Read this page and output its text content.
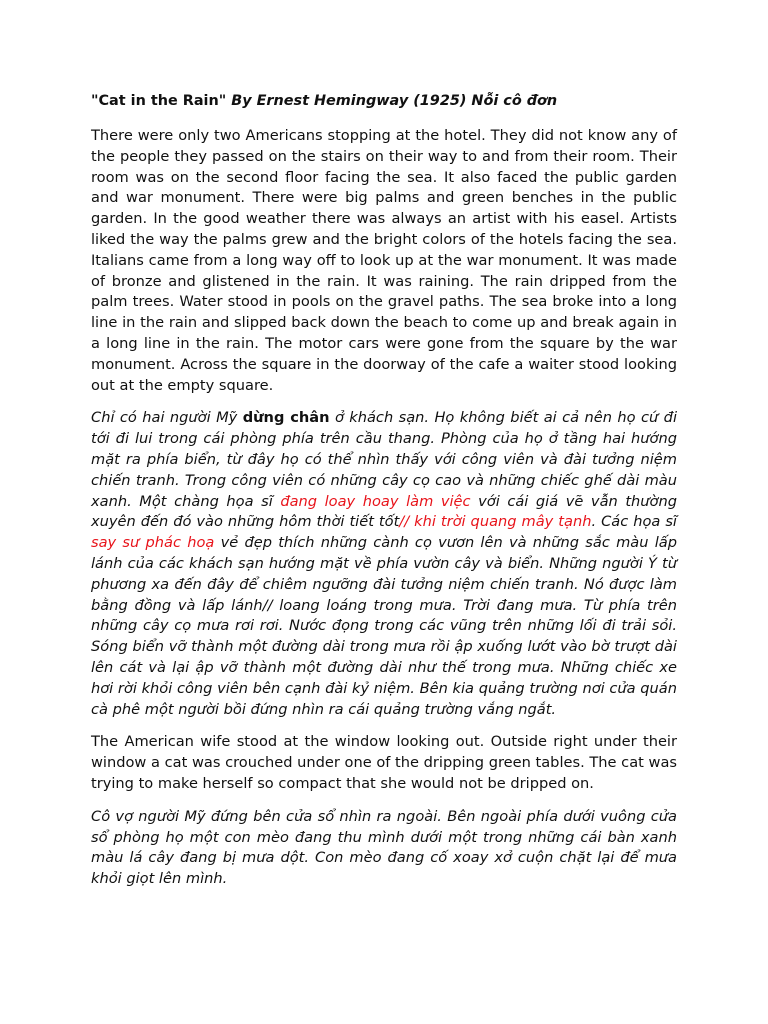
"Cat in the Rain" By Ernest Hemingway (1925) Nỗi cô đơn

There were only two Americans stopping at the hotel. They did not know any of the people they passed on the stairs on their way to and from their room. Their room was on the second floor facing the sea. It also faced the public garden and war monument. There were big palms and green benches in the public garden. In the good weather there was always an artist with his easel. Artists liked the way the palms grew and the bright colors of the hotels facing the sea. Italians came from a long way off to look up at the war monument. It was made of bronze and glistened in the rain. It was raining. The rain dripped from the palm trees. Water stood in pools on the gravel paths. The sea broke into a long line in the rain and slipped back down the beach to come up and break again in a long line in the rain. The motor cars were gone from the square by the war monument. Across the square in the doorway of the cafe a waiter stood looking out at the empty square.

Chỉ có hai người Mỹ dừng chân ở khách sạn. Họ không biết ai cả nên họ cứ đi tới đi lui trong cái phòng phía trên cầu thang. Phòng của họ ở tầng hai hướng mặt ra phía biển, từ đây họ có thể nhìn thấy với công viên và đài tưởng niệm chiến tranh. Trong công viên có những cây cọ cao và những chiếc ghế dài màu xanh. Một chàng họa sĩ đang loay hoay làm việc với cái giá vẽ vẫn thường xuyên đến đó vào những hôm thời tiết tốt// khi trời quang mây tạnh. Các họa sĩ say sư phác hoạ vẻ đẹp thích những cành cọ vươn lên và những sắc màu lấp lánh của các khách sạn hướng mặt về phía vườn cây và biển. Những người Ý từ phương xa đến đây để chiêm ngưỡng đài tưởng niệm chiến tranh. Nó được làm bằng đồng và lấp lánh// loang loáng trong mưa. Trời đang mưa. Từ phía trên những cây cọ mưa rơi rơi. Nước đọng trong các vũng trên những lối đi trải sỏi. Sóng biển vỡ thành một đường dài trong mưa rồi ập xuống lướt vào bờ trượt dài lên cát và lại ập vỡ thành một đường dài như thế trong mưa. Những chiếc xe hơi rời khỏi công viên bên cạnh đài kỷ niệm. Bên kia quảng trường nơi cửa quán cà phê một người bồi đứng nhìn ra cái quảng trường vắng ngắt.

The American wife stood at the window looking out. Outside right under their window a cat was crouched under one of the dripping green tables. The cat was trying to make herself so compact that she would not be dripped on.

Cô vợ người Mỹ đứng bên cửa sổ nhìn ra ngoài. Bên ngoài phía dưới vuông cửa sổ phòng họ một con mèo đang thu mình dưới một trong những cái bàn xanh màu lá cây đang bị mưa dột. Con mèo đang cố xoay xở cuộn chặt lại để mưa khỏi giọt lên mình.
